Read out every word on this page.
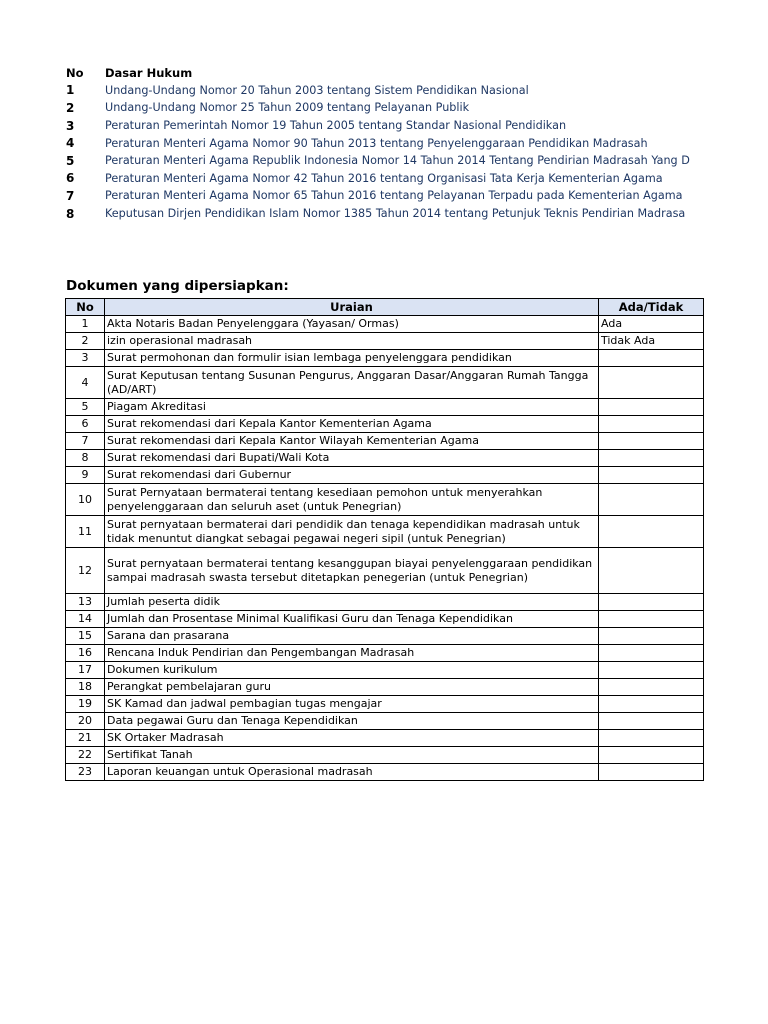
No	Dasar Hukum
1	Undang-Undang Nomor 20 Tahun 2003 tentang Sistem Pendidikan Nasional
2	Undang-Undang Nomor 25 Tahun 2009 tentang Pelayanan Publik
3	Peraturan Pemerintah Nomor 19 Tahun 2005 tentang Standar Nasional Pendidikan
4	Peraturan Menteri Agama Nomor 90 Tahun 2013 tentang Penyelenggaraan Pendidikan Madrasah
5	Peraturan Menteri Agama Republik Indonesia Nomor 14 Tahun 2014 Tentang Pendirian Madrasah Yang D
6	Peraturan Menteri Agama Nomor 42 Tahun 2016 tentang Organisasi Tata Kerja Kementerian Agama
7	Peraturan Menteri Agama Nomor 65 Tahun 2016 tentang Pelayanan Terpadu pada Kementerian Agama
8	Keputusan Dirjen Pendidikan Islam Nomor 1385 Tahun 2014 tentang Petunjuk Teknis Pendirian Madrasa
Dokumen yang dipersiapkan:
No	Uraian	Ada/Tidak
1	Akta Notaris Badan Penyelenggara (Yayasan/ Ormas)	Ada
2	izin operasional madrasah	Tidak Ada
3	Surat permohonan dan formulir isian lembaga penyelenggara pendidikan	
4	Surat Keputusan tentang Susunan Pengurus, Anggaran Dasar/Anggaran Rumah Tangga (AD/ART)	
5	Piagam Akreditasi	
6	Surat rekomendasi dari Kepala Kantor Kementerian Agama	
7	Surat rekomendasi dari Kepala Kantor Wilayah Kementerian Agama	
8	Surat rekomendasi dari Bupati/Wali Kota	
9	Surat rekomendasi dari Gubernur	
10	Surat Pernyataan bermaterai tentang kesediaan pemohon untuk menyerahkan penyelenggaraan dan seluruh aset (untuk Penegrian)	
11	Surat pernyataan bermaterai dari pendidik dan tenaga kependidikan madrasah untuk tidak menuntut diangkat sebagai pegawai negeri sipil (untuk Penegrian)	
12	Surat pernyataan bermaterai tentang kesanggupan biayai penyelenggaraan pendidikan sampai madrasah swasta tersebut ditetapkan penegerian (untuk Penegrian)	
13	Jumlah peserta didik	
14	Jumlah dan Prosentase Minimal Kualifikasi Guru dan Tenaga Kependidikan	
15	Sarana dan prasarana	
16	Rencana Induk Pendirian dan Pengembangan Madrasah	
17	Dokumen kurikulum	
18	Perangkat pembelajaran guru	
19	SK Kamad dan jadwal pembagian tugas mengajar	
20	Data pegawai Guru dan Tenaga Kependidikan	
21	SK Ortaker Madrasah	
22	Sertifikat Tanah	
23	Laporan keuangan untuk Operasional madrasah	
